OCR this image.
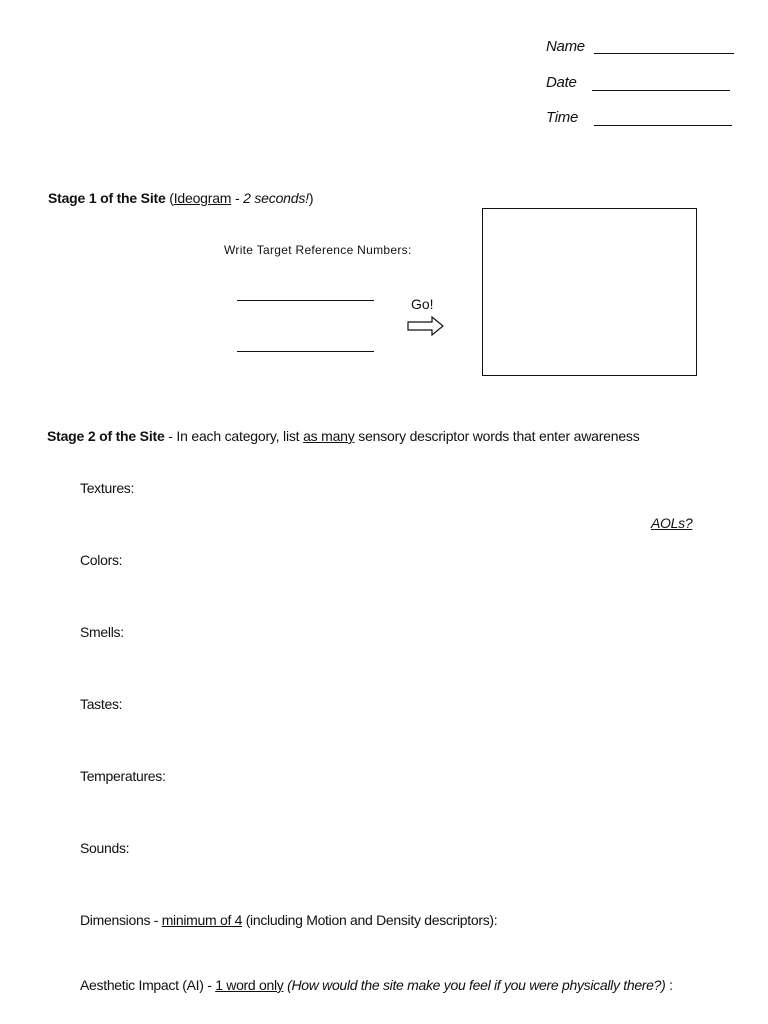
Name
Date
Time
Stage 1 of the Site (Ideogram - 2 seconds!)
Write Target Reference Numbers:
Go!
Stage 2 of the Site - In each category, list as many sensory descriptor words that enter awareness
Textures:
AOLs?
Colors:
Smells:
Tastes:
Temperatures:
Sounds:
Dimensions - minimum of 4 (including Motion and Density descriptors):
Aesthetic Impact (AI) - 1 word only (How would the site make you feel if you were physically there?) :
